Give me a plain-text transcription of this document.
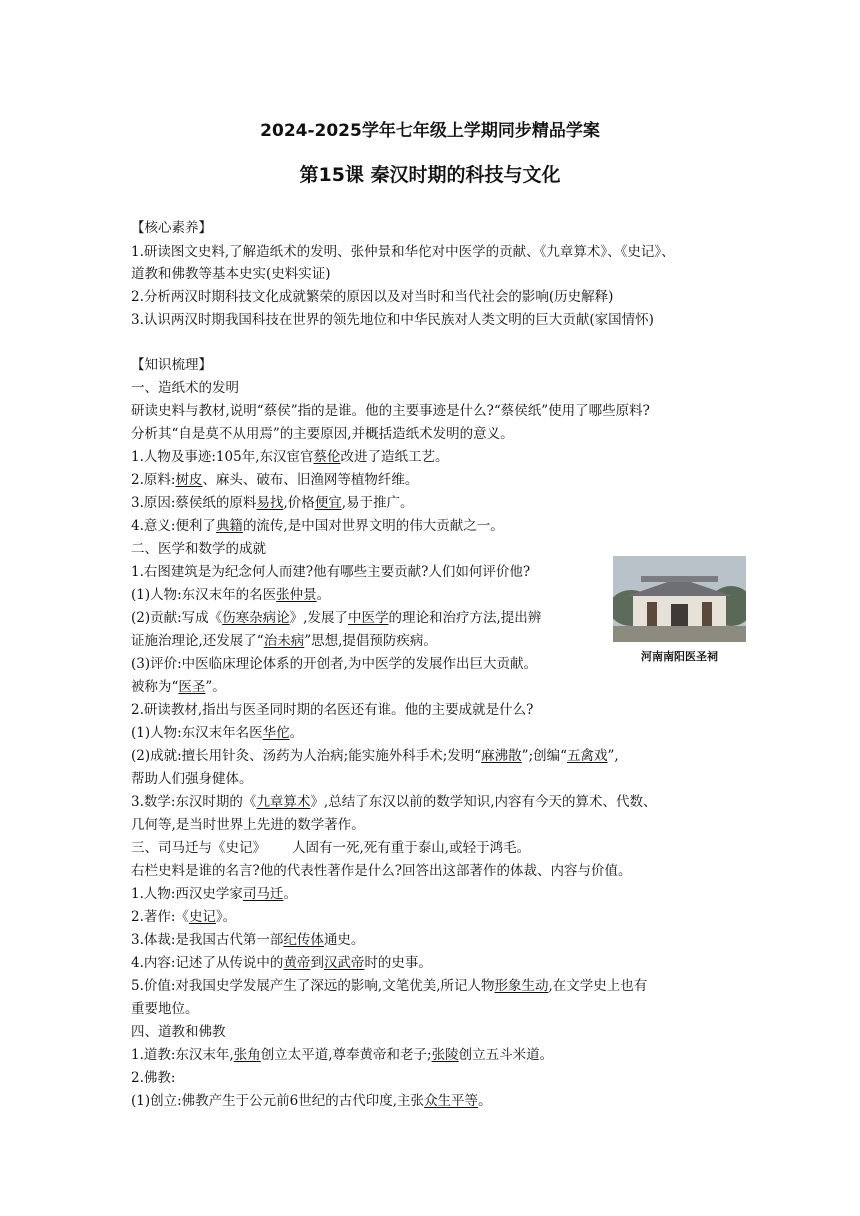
2024-2025学年七年级上学期同步精品学案
第15课 秦汉时期的科技与文化
【核心素养】
1.研读图文史料,了解造纸术的发明、张仲景和华佗对中医学的贡献、《九章算术》、《史记》、
道教和佛教等基本史实(史料实证)
2.分析两汉时期科技文化成就繁荣的原因以及对当时和当代社会的影响(历史解释)
3.认识两汉时期我国科技在世界的领先地位和中华民族对人类文明的巨大贡献(家国情怀)
【知识梳理】
一、造纸术的发明
研读史料与教材,说明“蔡侯”指的是谁。他的主要事迹是什么?“蔡侯纸”使用了哪些原料?
分析其“自是莫不从用焉”的主要原因,并概括造纸术发明的意义。
1.人物及事迹:105年,东汉宦官蔡伦改进了造纸工艺。
2.原料:树皮、麻头、破布、旧渔网等植物纤维。
3.原因:蔡侯纸的原料易找,价格便宜,易于推广。
4.意义:便利了典籍的流传,是中国对世界文明的伟大贡献之一。
二、医学和数学的成就
1.右图建筑是为纪念何人而建?他有哪些主要贡献?人们如何评价他?
(1)人物:东汉末年的名医张仲景。
(2)贡献:写成《伤寒杂病论》,发展了中医学的理论和治疗方法,提出辨
证施治理论,还发展了“治未病”思想,提倡预防疾病。
(3)评价:中医临床理论体系的开创者,为中医学的发展作出巨大贡献。
被称为“医圣”。
河南南阳医圣祠
2.研读教材,指出与医圣同时期的名医还有谁。他的主要成就是什么?
(1)人物:东汉末年名医华佗。
(2)成就:擅长用针灸、汤药为人治病;能实施外科手术;发明“麻沸散”;创编“五禽戏”,
帮助人们强身健体。
3.数学:东汉时期的《九章算术》,总结了东汉以前的数学知识,内容有今天的算术、代数、
几何等,是当时世界上先进的数学著作。
三、司马迁与《史记》 人固有一死,死有重于泰山,或轻于鸿毛。
右栏史料是谁的名言?他的代表性著作是什么?回答出这部著作的体裁、内容与价值。
1.人物:西汉史学家司马迁。
2.著作:《史记》。
3.体裁:是我国古代第一部纪传体通史。
4.内容:记述了从传说中的黄帝到汉武帝时的史事。
5.价值:对我国史学发展产生了深远的影响,文笔优美,所记人物形象生动,在文学史上也有
重要地位。
四、道教和佛教
1.道教:东汉末年,张角创立太平道,尊奉黄帝和老子;张陵创立五斗米道。
2.佛教:
(1)创立:佛教产生于公元前6世纪的古代印度,主张众生平等。
